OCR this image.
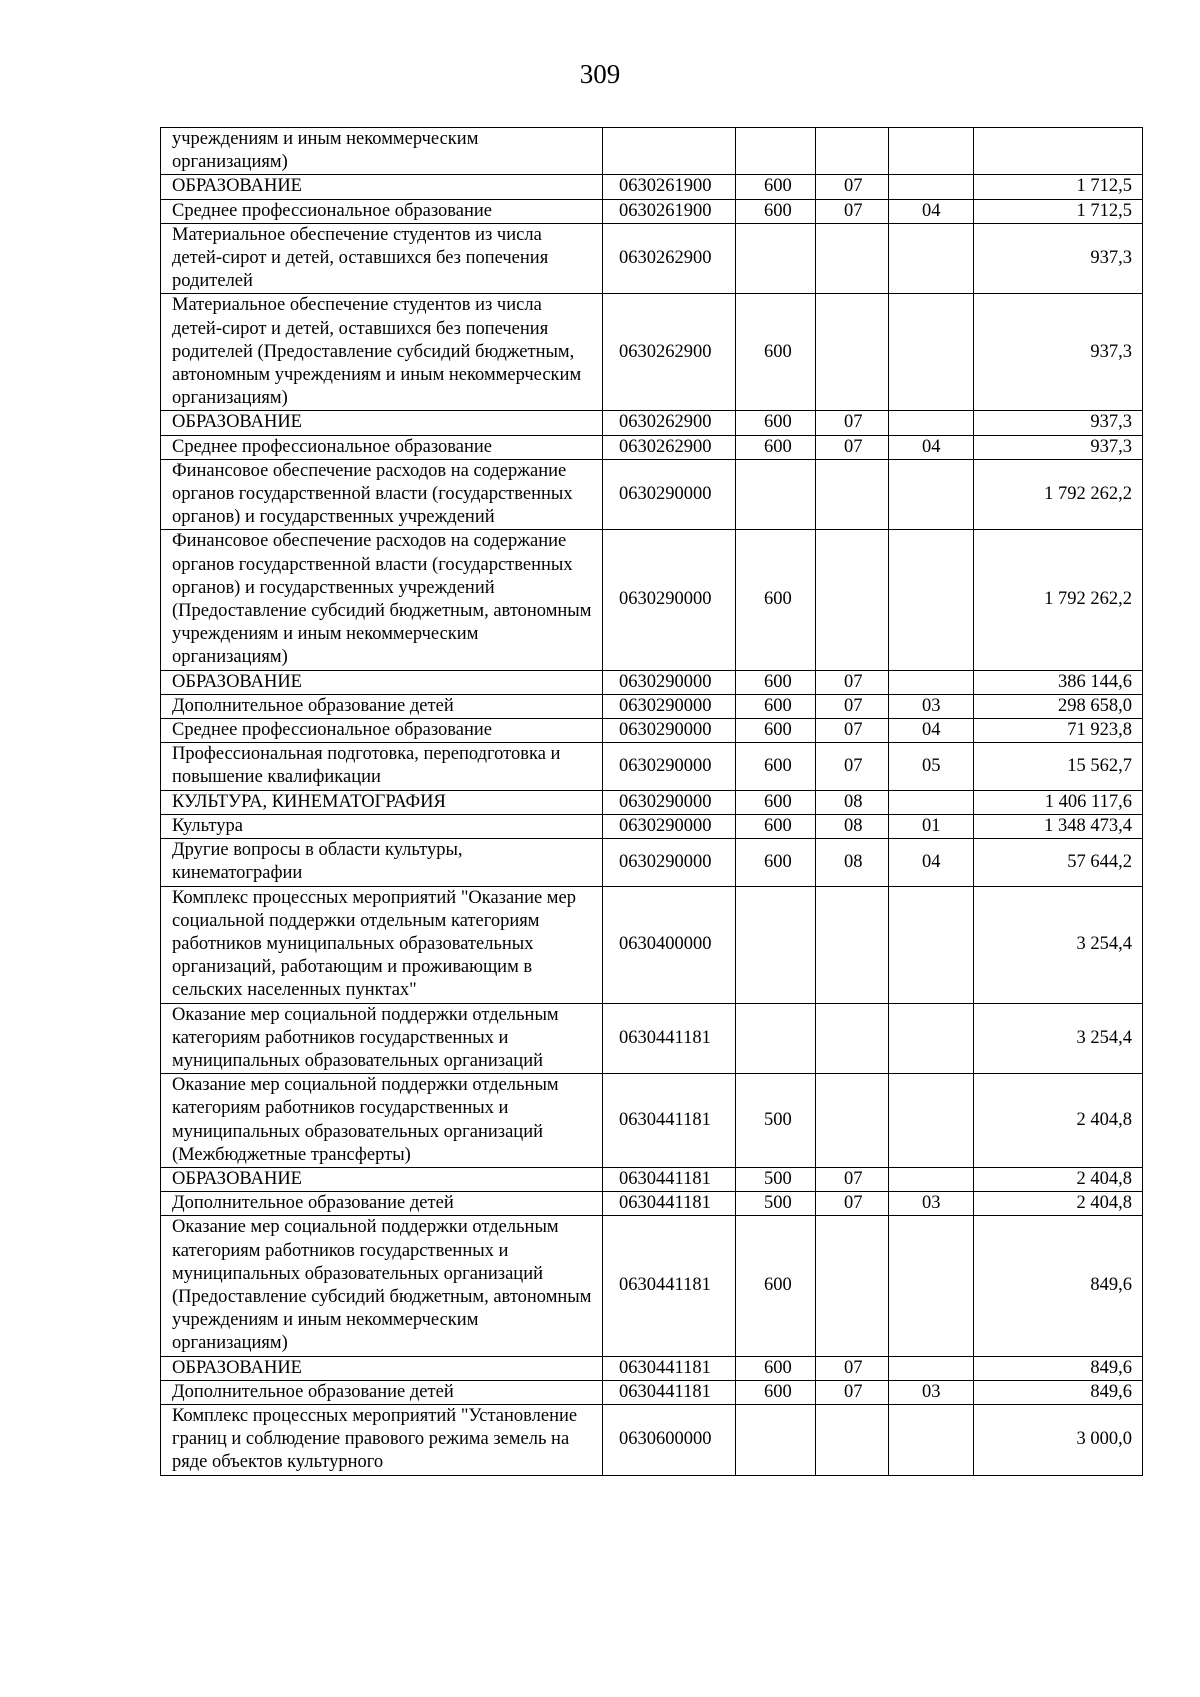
309
учреждениям и иным некоммерческим организациям)					
ОБРАЗОВАНИЕ	0630261900	600	07		1 712,5
Среднее профессиональное образование	0630261900	600	07	04	1 712,5
Материальное обеспечение студентов из числа детей-сирот и детей, оставшихся без попечения родителей	0630262900				937,3
Материальное обеспечение студентов из числа детей-сирот и детей, оставшихся без попечения родителей (Предоставление субсидий бюджетным, автономным учреждениям и иным некоммерческим организациям)	0630262900	600			937,3
ОБРАЗОВАНИЕ	0630262900	600	07		937,3
Среднее профессиональное образование	0630262900	600	07	04	937,3
Финансовое обеспечение расходов на содержание органов государственной власти (государственных органов) и государственных учреждений	0630290000				1 792 262,2
Финансовое обеспечение расходов на содержание органов государственной власти (государственных органов) и государственных учреждений (Предоставление субсидий бюджетным, автономным учреждениям и иным некоммерческим организациям)	0630290000	600			1 792 262,2
ОБРАЗОВАНИЕ	0630290000	600	07		386 144,6
Дополнительное образование детей	0630290000	600	07	03	298 658,0
Среднее профессиональное образование	0630290000	600	07	04	71 923,8
Профессиональная подготовка, переподготовка и повышение квалификации	0630290000	600	07	05	15 562,7
КУЛЬТУРА, КИНЕМАТОГРАФИЯ	0630290000	600	08		1 406 117,6
Культура	0630290000	600	08	01	1 348 473,4
Другие вопросы в области культуры, кинематографии	0630290000	600	08	04	57 644,2
Комплекс процессных мероприятий "Оказание мер социальной поддержки отдельным категориям работников муниципальных образовательных организаций, работающим и проживающим в сельских населенных пунктах"	0630400000				3 254,4
Оказание мер социальной поддержки отдельным категориям работников государственных и муниципальных образовательных организаций	0630441181				3 254,4
Оказание мер социальной поддержки отдельным категориям работников государственных и муниципальных образовательных организаций (Межбюджетные трансферты)	0630441181	500			2 404,8
ОБРАЗОВАНИЕ	0630441181	500	07		2 404,8
Дополнительное образование детей	0630441181	500	07	03	2 404,8
Оказание мер социальной поддержки отдельным категориям работников государственных и муниципальных образовательных организаций (Предоставление субсидий бюджетным, автономным учреждениям и иным некоммерческим организациям)	0630441181	600			849,6
ОБРАЗОВАНИЕ	0630441181	600	07		849,6
Дополнительное образование детей	0630441181	600	07	03	849,6
Комплекс процессных мероприятий "Установление границ и соблюдение правового режима земель на ряде объектов культурного	0630600000				3 000,0
